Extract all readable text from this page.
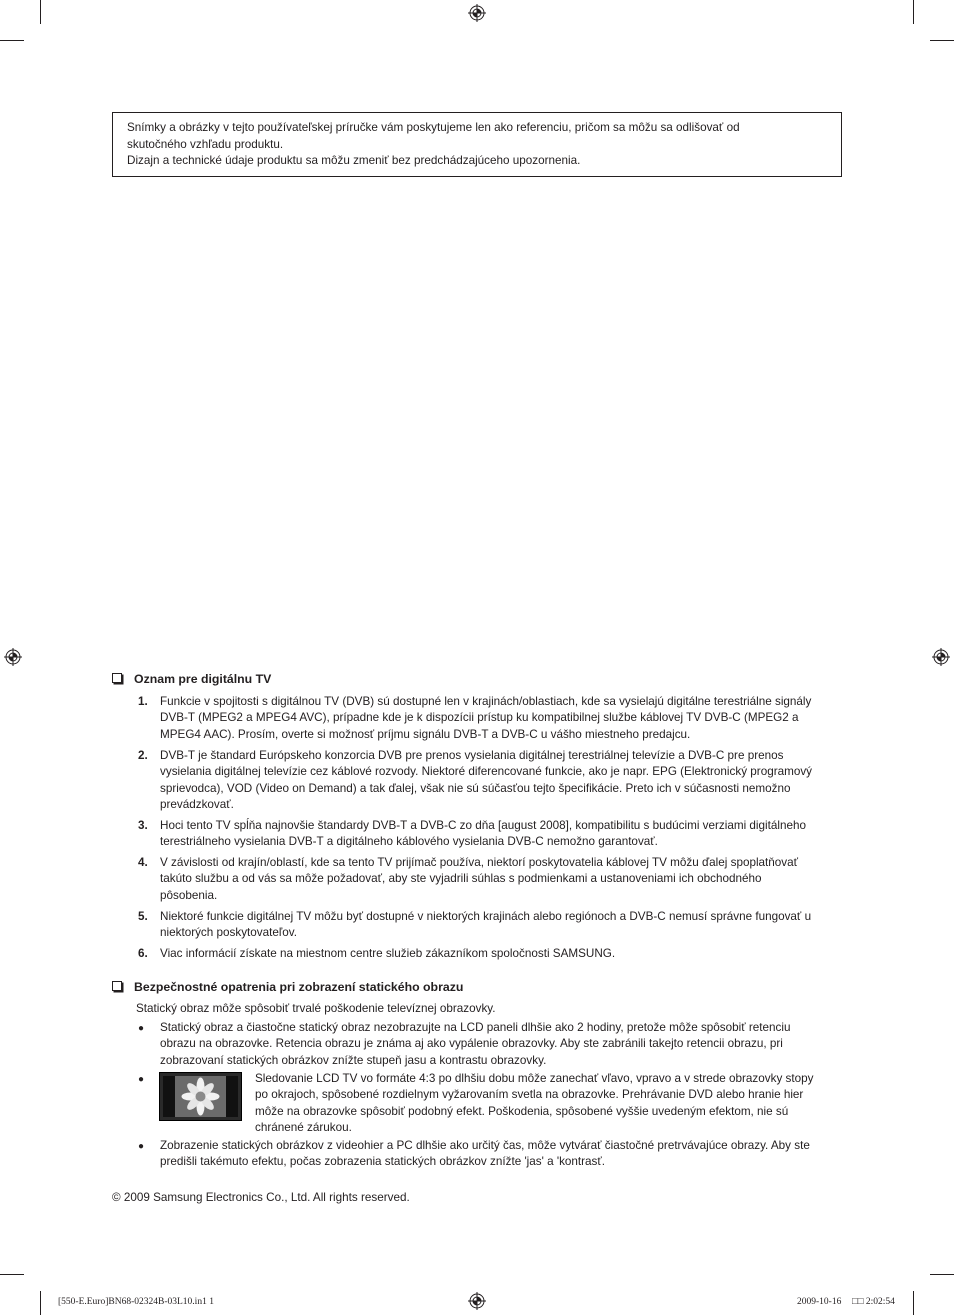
Snímky a obrázky v tejto používateľskej príručke vám poskytujeme len ako referenciu, pričom sa môžu sa odlišovať od
skutočného vzhľadu produktu.
Dizajn a technické údaje produktu sa môžu zmeniť bez predchádzajúceho upozornenia.
Oznam pre digitálnu TV
1. Funkcie v spojitosti s digitálnou TV (DVB) sú dostupné len v krajinách/oblastiach, kde sa vysielajú digitálne terestriálne signály
DVB-T (MPEG2 a MPEG4 AVC), prípadne kde je k dispozícii prístup ku kompatibilnej službe káblovej TV DVB-C (MPEG2 a
MPEG4 AAC). Prosím, overte si možnosť príjmu signálu DVB-T a DVB-C u vášho miestneho predajcu.
2. DVB-T je štandard Európskeho konzorcia DVB pre prenos vysielania digitálnej terestriálnej televízie a DVB-C pre prenos
vysielania digitálnej televízie cez káblové rozvody. Niektoré diferencované funkcie, ako je napr. EPG (Elektronický programový
sprievodca), VOD (Video on Demand) a tak ďalej, však nie sú súčasťou tejto špecifikácie. Preto ich v súčasnosti nemožno
prevádzkovať.
3. Hoci tento TV spĺňa najnovšie štandardy DVB-T a DVB-C zo dňa [august 2008], kompatibilitu s budúcimi verziami digitálneho
terestriálneho vysielania DVB-T a digitálneho káblového vysielania DVB-C nemožno garantovať.
4. V závislosti od krajín/oblastí, kde sa tento TV prijímač používa, niektorí poskytovatelia káblovej TV môžu ďalej spoplatňovať
takúto službu a od vás sa môže požadovať, aby ste vyjadrili súhlas s podmienkami a ustanoveniami ich obchodného
pôsobenia.
5. Niektoré funkcie digitálnej TV môžu byť dostupné v niektorých krajinách alebo regiónoch a DVB-C nemusí správne fungovať u
niektorých poskytovateľov.
6. Viac informácií získate na miestnom centre služieb zákazníkom spoločnosti SAMSUNG.
Bezpečnostné opatrenia pri zobrazení statického obrazu
Statický obraz môže spôsobiť trvalé poškodenie televíznej obrazovky.
● Statický obraz a čiastočne statický obraz nezobrazujte na LCD paneli dlhšie ako 2 hodiny, pretože môže spôsobiť retenciu
obrazu na obrazovke. Retencia obrazu je známa aj ako vypálenie obrazovky. Aby ste zabránili takejto retencii obrazu, pri
zobrazovaní statických obrázkov znížte stupeň jasu a kontrastu obrazovky.
●	Sledovanie LCD TV vo formáte 4:3 po dlhšiu dobu môže zanechať vľavo, vpravo a v strede obrazovky stopy
po okrajoch, spôsobené rozdielnym vyžarovaním svetla na obrazovke. Prehrávanie DVD alebo hranie hier
môže na obrazovke spôsobiť podobný efekt. Poškodenia, spôsobené vyššie uvedeným efektom, nie sú
chránené zárukou.
● Zobrazenie statických obrázkov z videohier a PC dlhšie ako určitý čas, môže vytvárať čiastočné pretrvávajúce obrazy. Aby ste
predišli takémuto efektu, počas zobrazenia statických obrázkov znížte 'jas' a 'kontrasť.
© 2009 Samsung Electronics Co., Ltd. All rights reserved.
[550-E.Euro]BN68-02324B-03L10.in1 1	2009-10-16 □□ 2:02:54
